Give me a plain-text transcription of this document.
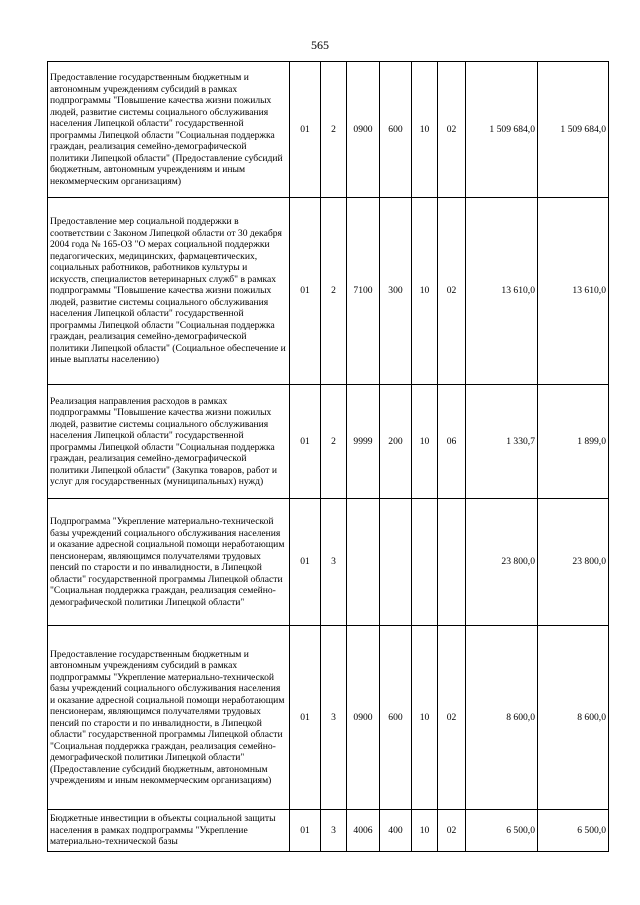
565
Предоставление государственным бюджетным и автономным учреждениям субсидий в рамках подпрограммы "Повышение качества жизни пожилых людей, развитие системы социального обслуживания населения Липецкой области" государственной программы Липецкой области "Социальная поддержка граждан, реализация семейно-демографической политики Липецкой области" (Предоставление субсидий бюджетным, автономным учреждениям и иным некоммерческим организациям)	01	2	0900	600	10	02	1 509 684,0	1 509 684,0
Предоставление мер социальной поддержки в соответствии с Законом Липецкой области от 30 декабря 2004 года № 165-ОЗ "О мерах социальной поддержки педагогических, медицинских, фармацевтических, социальных работников, работников культуры и искусств, специалистов ветеринарных служб" в рамках подпрограммы "Повышение качества жизни пожилых людей, развитие системы социального обслуживания населения Липецкой области" государственной программы Липецкой области "Социальная поддержка граждан, реализация семейно-демографической политики Липецкой области" (Социальное обеспечение и иные выплаты населению)	01	2	7100	300	10	02	13 610,0	13 610,0
Реализация направления расходов в рамках подпрограммы "Повышение качества жизни пожилых людей, развитие системы социального обслуживания населения Липецкой области" государственной программы Липецкой области "Социальная поддержка граждан, реализация семейно-демографической политики Липецкой области" (Закупка товаров, работ и услуг для государственных (муниципальных) нужд)	01	2	9999	200	10	06	1 330,7	1 899,0
Подпрограмма "Укрепление материально-технической базы учреждений социального обслуживания населения и оказание адресной социальной помощи неработающим пенсионерам, являющимся получателями трудовых пенсий по старости и по инвалидности, в Липецкой области" государственной программы Липецкой области "Социальная поддержка граждан, реализация семейно-демографической политики Липецкой области"	01	3					23 800,0	23 800,0
Предоставление государственным бюджетным и автономным учреждениям субсидий в рамках подпрограммы "Укрепление материально-технической базы учреждений социального обслуживания населения и оказание адресной социальной помощи неработающим пенсионерам, являющимся получателями трудовых пенсий по старости и по инвалидности, в Липецкой области" государственной программы Липецкой области "Социальная поддержка граждан, реализация семейно-демографической политики Липецкой области" (Предоставление субсидий бюджетным, автономным учреждениям и иным некоммерческим организациям)	01	3	0900	600	10	02	8 600,0	8 600,0
Бюджетные инвестиции в объекты социальной защиты населения в рамках подпрограммы "Укрепление материально-технической базы	01	3	4006	400	10	02	6 500,0	6 500,0
